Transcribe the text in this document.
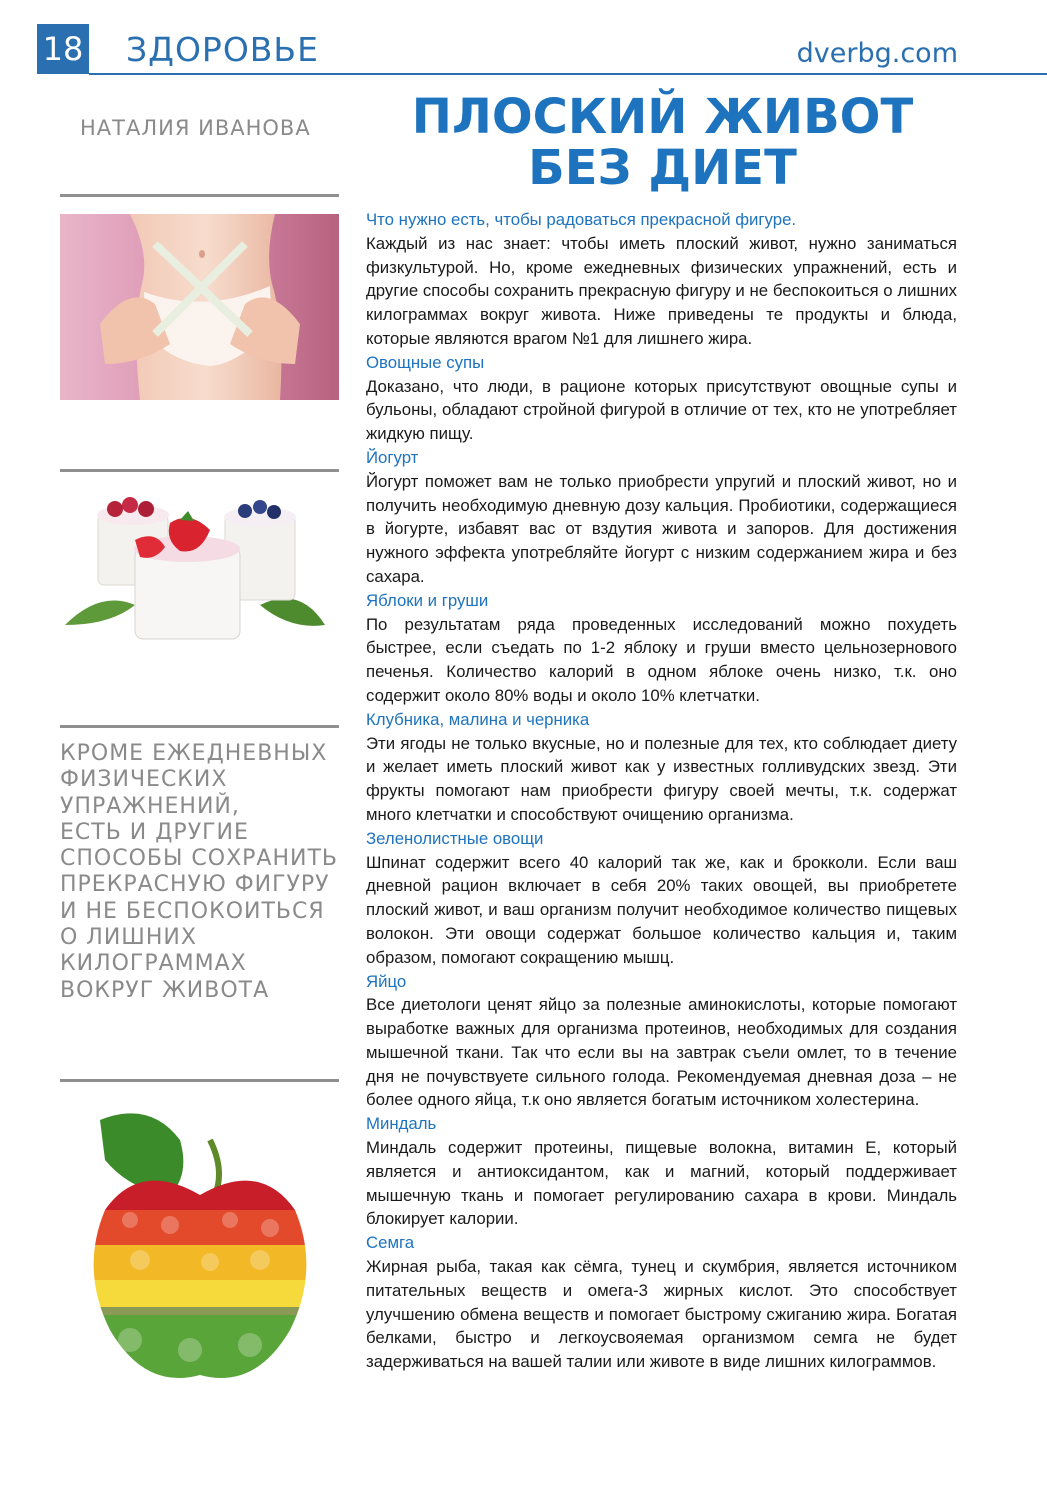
18 ЗДОРОВЬЕ	dverbg.com
НАТАЛИЯ ИВАНОВА ПЛОСКИЙ ЖИВОТ
БЕЗ ДИЕТ
КРОМЕ ЕЖЕДНЕВНЫХ
ФИЗИЧЕСКИХ
УПРАЖНЕНИЙ,
ЕСТЬ И ДРУГИЕ
СПОСОБЫ СОХРАНИТЬ
ПРЕКРАСНУЮ ФИГУРУ
И НЕ БЕСПОКОИТЬСЯ
О ЛИШНИХ
КИЛОГРАММАХ
ВОКРУГ ЖИВОТА

Что нужно есть, чтобы радоваться прекрасной фигуре.

Каждый из нас знает: чтобы иметь плоский живот, нужно заниматься физкультурой. Но, кроме ежедневных физических упражнений, есть и другие способы сохранить прекрасную фигуру и не беспокоиться о лишних килограммах вокруг живота. Ниже приведены те продукты и блюда, которые являются врагом №1 для лишнего жира.

Овощные супы

Доказано, что люди, в рационе которых присутствуют овощные супы и бульоны, обладают стройной фигурой в отличие от тех, кто не употребляет жидкую пищу.

Йогурт

Йогурт поможет вам не только приобрести упругий и плоский живот, но и получить необходимую дневную дозу кальция. Пробиотики, содержащиеся в йогурте, избавят вас от вздутия живота и запоров. Для достижения нужного эффекта употребляйте йогурт с низким содержанием жира и без сахара.

Яблоки и груши

По результатам ряда проведенных исследований можно похудеть быстрее, если съедать по 1-2 яблоку и груши вместо цельнозернового печенья. Количество калорий в одном яблоке очень низко, т.к. оно содержит около 80% воды и около 10% клетчатки.

Клубника, малина и черника

Эти ягоды не только вкусные, но и полезные для тех, кто соблюдает диету и желает иметь плоский живот как у известных голливудских звезд. Эти фрукты помогают нам приобрести фигуру своей мечты, т.к. содержат много клетчатки и способствуют очищению организма.

Зеленолистные овощи

Шпинат содержит всего 40 калорий так же, как и брокколи. Если ваш дневной рацион включает в себя 20% таких овощей, вы приобретете плоский живот, и ваш организм получит необходимое количество пищевых волокон. Эти овощи содержат большое количество кальция и, таким образом, помогают сокращению мышц.

Яйцо

Все диетологи ценят яйцо за полезные аминокислоты, которые помогают выработке важных для организма протеинов, необходимых для создания мышечной ткани. Так что если вы на завтрак съели омлет, то в течение дня не почувствуете сильного голода. Рекомендуемая дневная доза – не более одного яйца, т.к оно является богатым источником холестерина.

Миндаль

Миндаль содержит протеины, пищевые волокна, витамин Е, который является и антиоксидантом, как и магний, который поддерживает мышечную ткань и помогает регулированию сахара в крови. Миндаль блокирует калории.

Семга

Жирная рыба, такая как сёмга, тунец и скумбрия, является источником питательных веществ и омега-3 жирных кислот. Это способствует улучшению обмена веществ и помогает быстрому сжиганию жира. Богатая белками, быстро и легкоусвояемая организмом семга не будет задерживаться на вашей талии или животе в виде лишних килограммов.
